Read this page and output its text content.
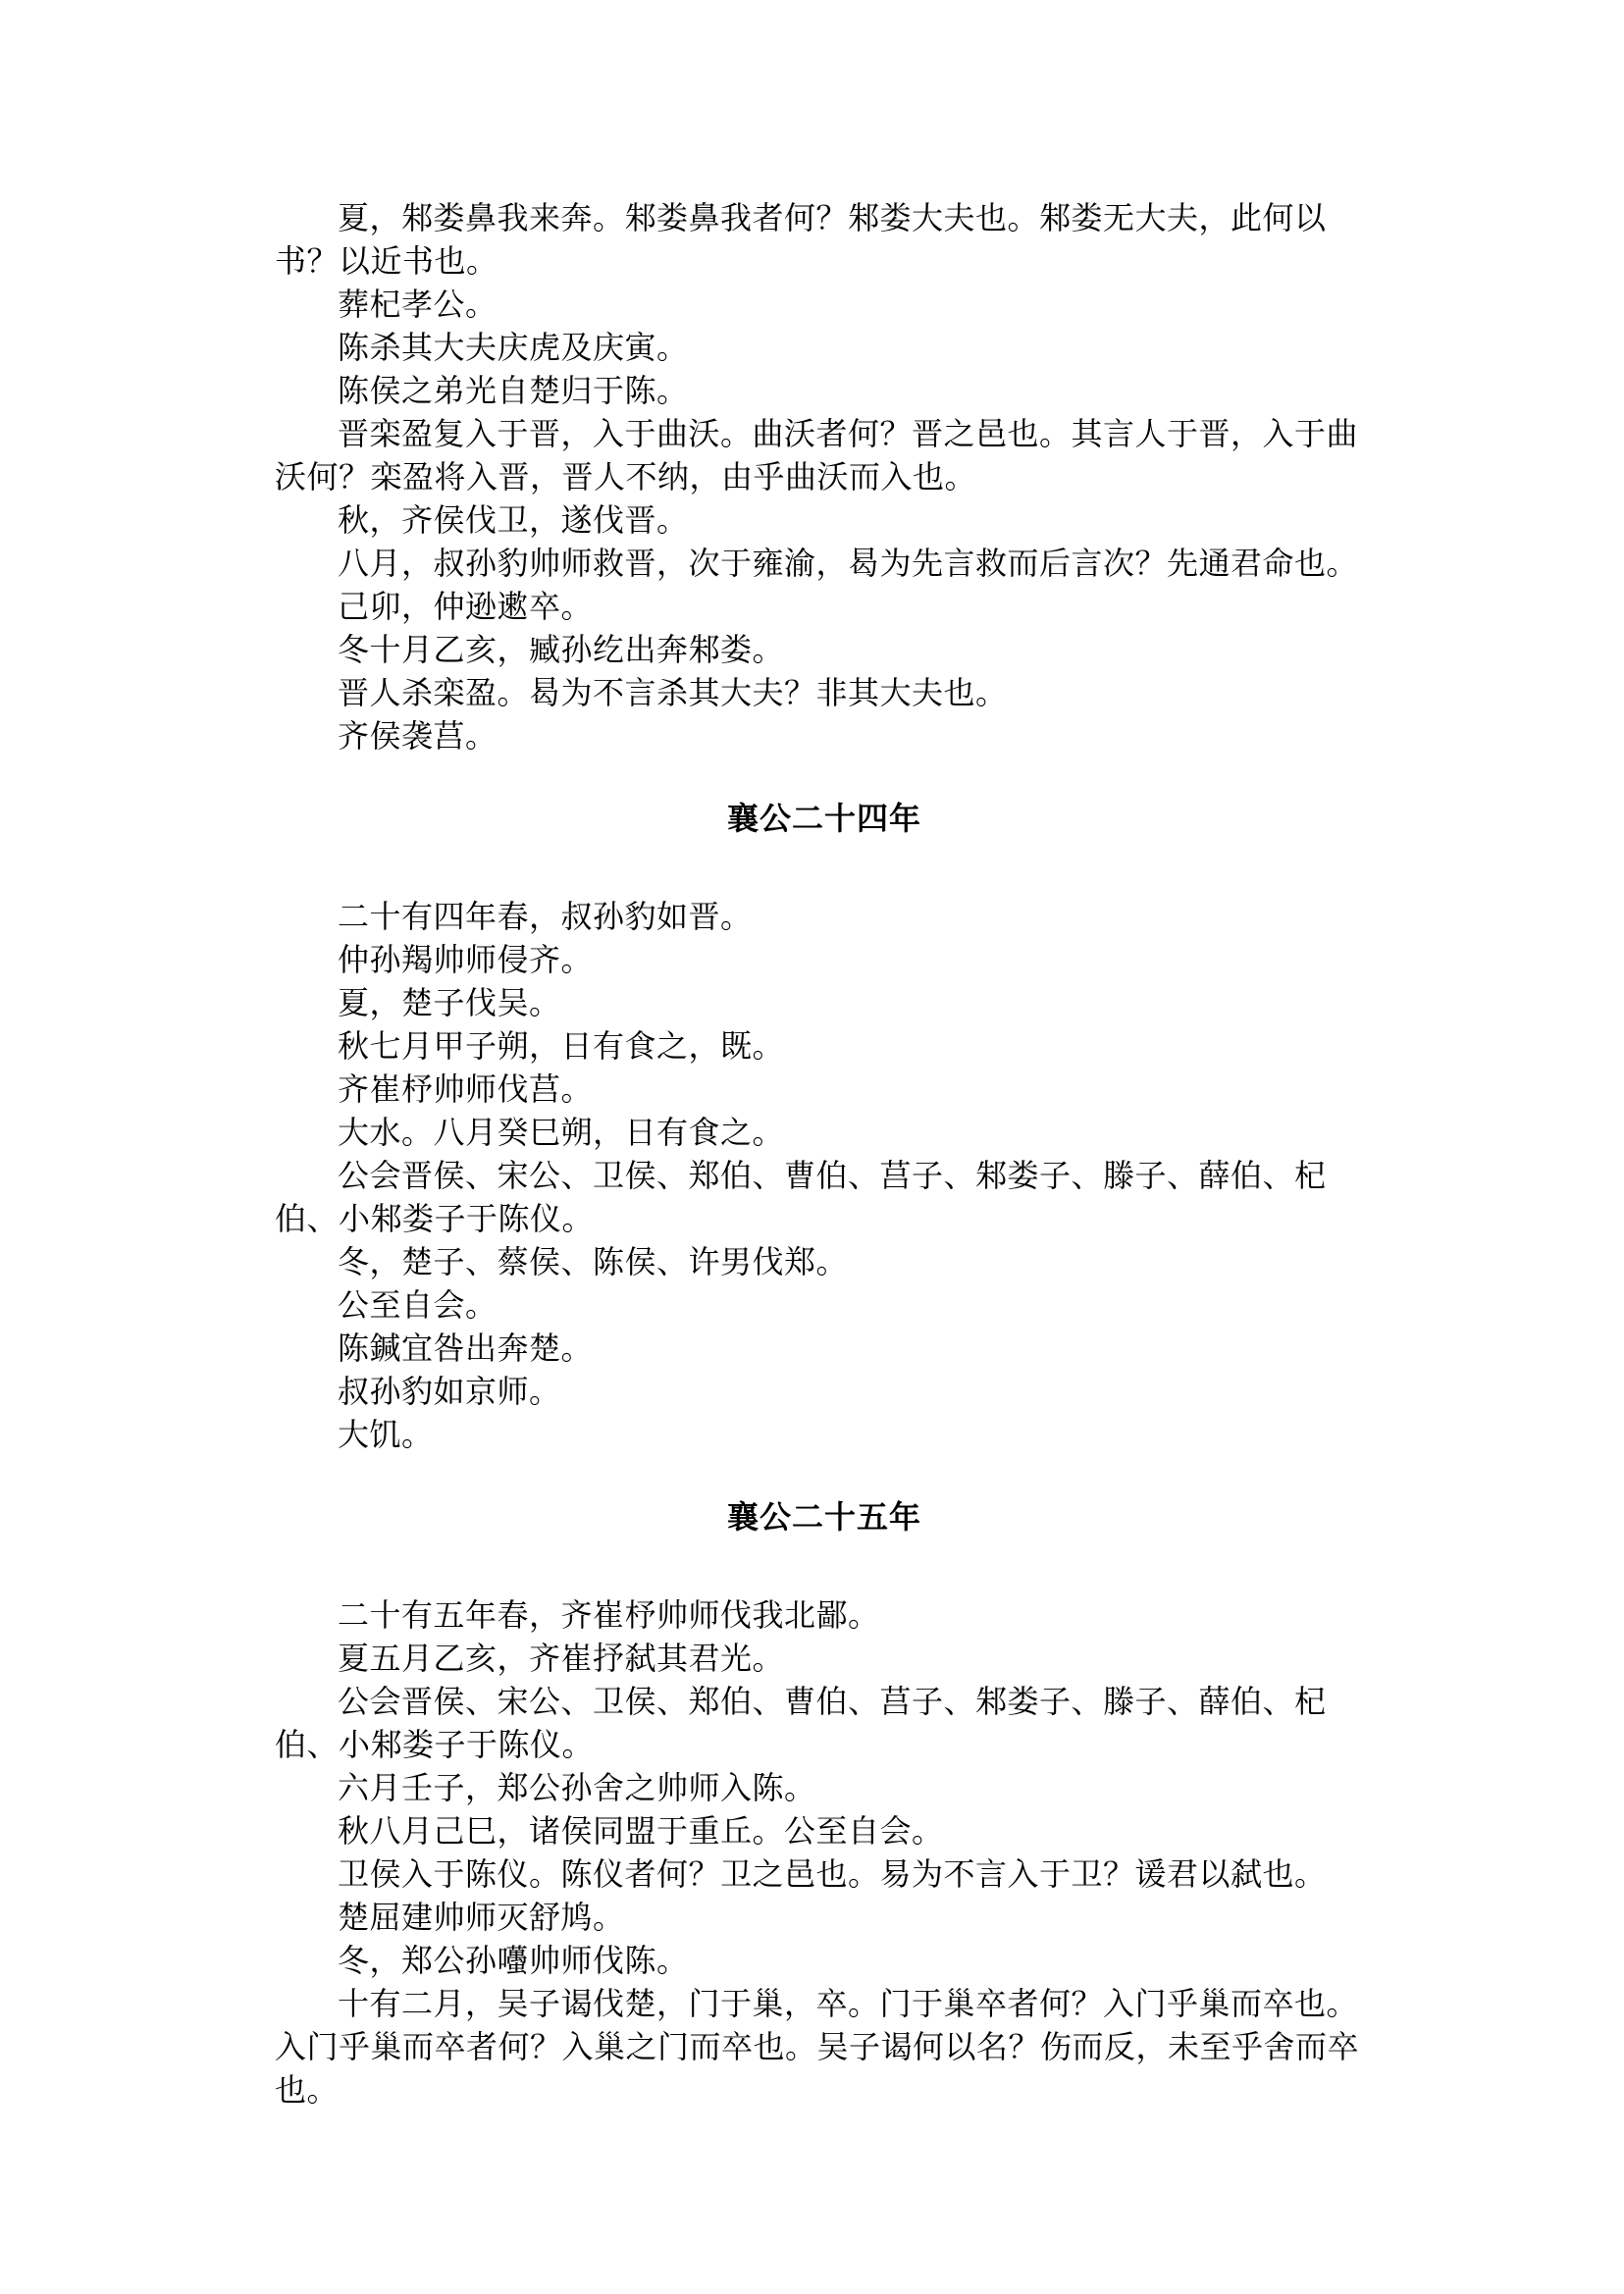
夏，邾娄鼻我来奔。邾娄鼻我者何？邾娄大夫也。邾娄无大夫，此何以书？以近书也。

葬杞孝公。

陈杀其大夫庆虎及庆寅。

陈侯之弟光自楚归于陈。

晋栾盈复入于晋，入于曲沃。曲沃者何？晋之邑也。其言人于晋，入于曲沃何？栾盈将入晋，晋人不纳，由乎曲沃而入也。

秋，齐侯伐卫，遂伐晋。

八月，叔孙豹帅师救晋，次于雍渝，曷为先言救而后言次？先通君命也。

己卯，仲逊遬卒。

冬十月乙亥，臧孙纥出奔邾娄。

晋人杀栾盈。曷为不言杀其大夫？非其大夫也。

齐侯袭莒。

襄公二十四年

二十有四年春，叔孙豹如晋。

仲孙羯帅师侵齐。

夏，楚子伐吴。

秋七月甲子朔，日有食之，既。

齐崔杼帅师伐莒。

大水。八月癸巳朔，日有食之。

公会晋侯、宋公、卫侯、郑伯、曹伯、莒子、邾娄子、滕子、薛伯、杞伯、小邾娄子于陈仪。

冬，楚子、蔡侯、陈侯、许男伐郑。

公至自会。

陈鍼宜咎出奔楚。

叔孙豹如京师。

大饥。

襄公二十五年

二十有五年春，齐崔杼帅师伐我北鄙。

夏五月乙亥，齐崔抒弑其君光。

公会晋侯、宋公、卫侯、郑伯、曹伯、莒子、邾娄子、滕子、薛伯、杞伯、小邾娄子于陈仪。

六月壬子，郑公孙舍之帅师入陈。

秋八月己巳，诸侯同盟于重丘。公至自会。

卫侯入于陈仪。陈仪者何？卫之邑也。易为不言入于卫？谖君以弑也。

楚屈建帅师灭舒鸠。

冬，郑公孙囆帅师伐陈。

十有二月，吴子谒伐楚，门于巢，卒。门于巢卒者何？入门乎巢而卒也。入门乎巢而卒者何？入巢之门而卒也。吴子谒何以名？伤而反，未至乎舍而卒也。
